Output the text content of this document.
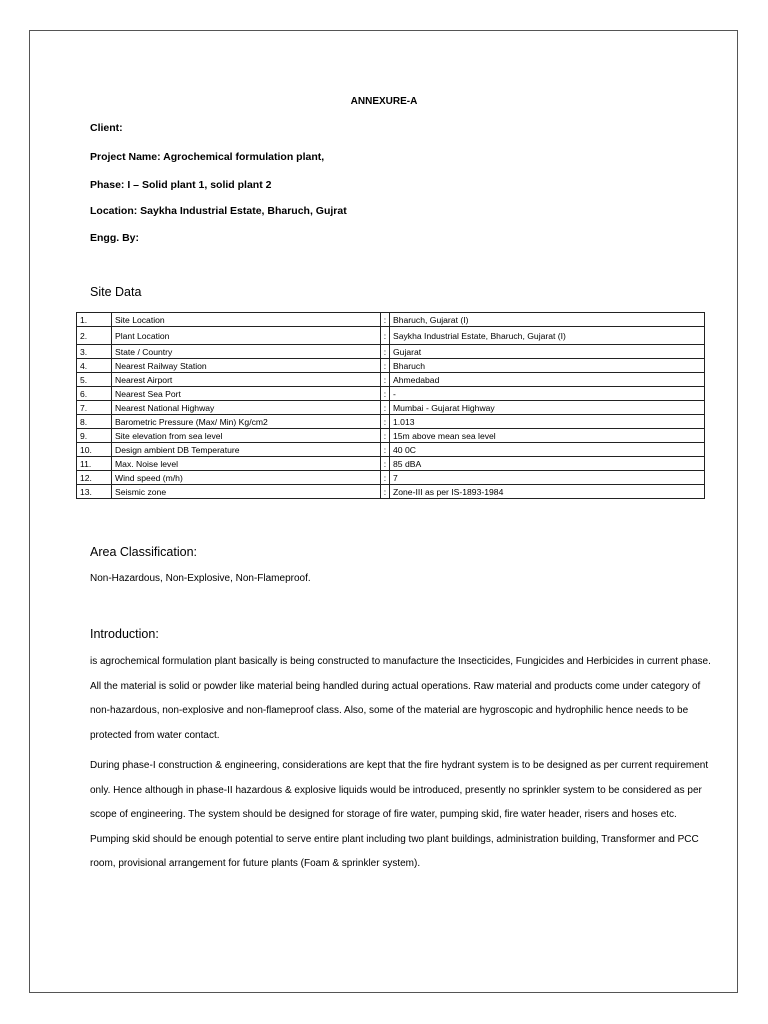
ANNEXURE-A
Client:
Project Name: Agrochemical formulation plant,
Phase: I – Solid plant 1, solid plant 2
Location: Saykha Industrial Estate, Bharuch, Gujrat
Engg. By:
Site Data
1.	Site Location	:	Bharuch, Gujarat (I)
2.	Plant Location	:	Saykha Industrial Estate, Bharuch, Gujarat (I)
3.	State / Country	:	Gujarat
4.	Nearest Railway Station	:	Bharuch
5.	Nearest Airport	:	Ahmedabad
6.	Nearest Sea Port	:	-
7.	Nearest National Highway	:	Mumbai - Gujarat Highway
8.	Barometric Pressure (Max/ Min) Kg/cm2	:	1.013
9.	Site elevation from sea level	:	15m above mean sea level
10.	Design ambient DB Temperature	:	40 0C
11.	Max. Noise level	:	85 dBA
12.	Wind speed (m/h)	:	7
13.	Seismic zone	:	Zone-III as per IS-1893-1984
Area Classification:
Non-Hazardous, Non-Explosive, Non-Flameproof.
Introduction:
is agrochemical formulation plant basically is being constructed to manufacture the Insecticides, Fungicides and Herbicides in current phase. All the material is solid or powder like material being handled during actual operations. Raw material and products come under category of non-hazardous, non-explosive and non-flameproof class. Also, some of the material are hygroscopic and hydrophilic hence needs to be protected from water contact.
During phase-I construction & engineering, considerations are kept that the fire hydrant system is to be designed as per current requirement only. Hence although in phase-II hazardous & explosive liquids would be introduced, presently no sprinkler system to be considered as per scope of engineering. The system should be designed for storage of fire water, pumping skid, fire water header, risers and hoses etc. Pumping skid should be enough potential to serve entire plant including two plant buildings, administration building, Transformer and PCC room, provisional arrangement for future plants (Foam & sprinkler system).
